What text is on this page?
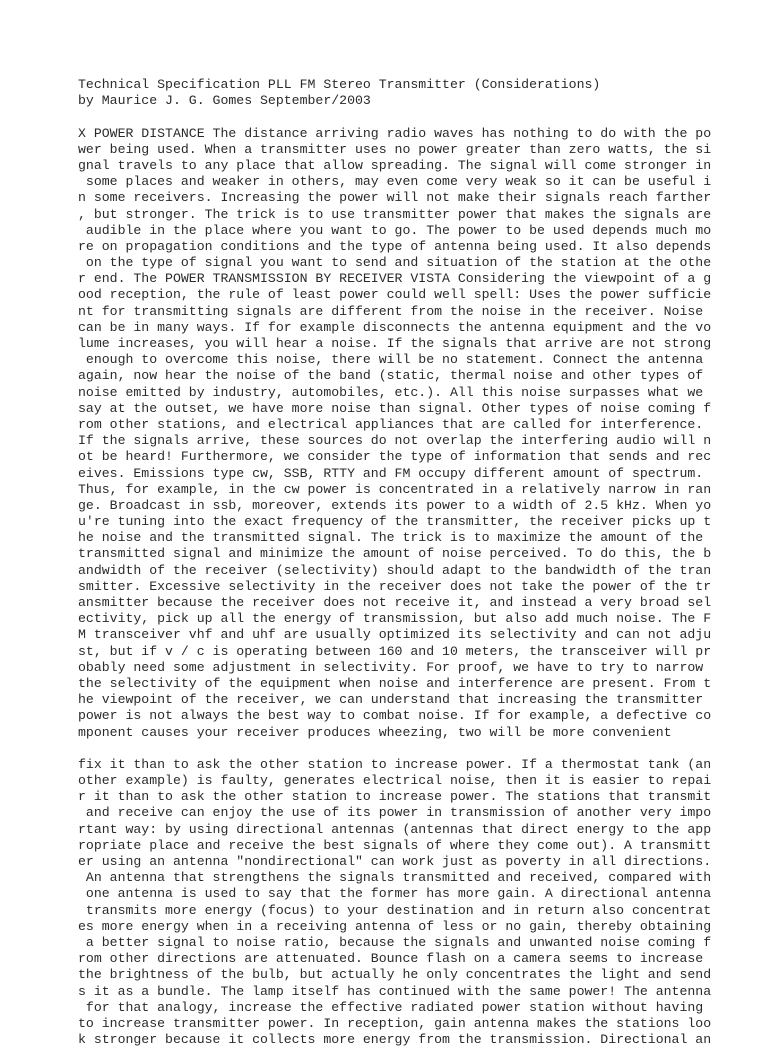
Technical Specification PLL FM Stereo Transmitter (Considerations)
by Maurice J. G. Gomes September/2003
X POWER DISTANCE The distance arriving radio waves has nothing to do with the po
wer being used. When a transmitter uses no power greater than zero watts, the si
gnal travels to any place that allow spreading. The signal will come stronger in
some places and weaker in others, may even come very weak so it can be useful i
n some receivers. Increasing the power will not make their signals reach farther
, but stronger. The trick is to use transmitter power that makes the signals are
audible in the place where you want to go. The power to be used depends much mo
re on propagation conditions and the type of antenna being used. It also depends
on the type of signal you want to send and situation of the station at the othe
r end. The POWER TRANSMISSION BY RECEIVER VISTA Considering the viewpoint of a g
ood reception, the rule of least power could well spell: Uses the power sufficie
nt for transmitting signals are different from the noise in the receiver. Noise
can be in many ways. If for example disconnects the antenna equipment and the vo
lume increases, you will hear a noise. If the signals that arrive are not strong
enough to overcome this noise, there will be no statement. Connect the antenna
again, now hear the noise of the band (static, thermal noise and other types of
noise emitted by industry, automobiles, etc.). All this noise surpasses what we
say at the outset, we have more noise than signal. Other types of noise coming f
rom other stations, and electrical appliances that are called for interference.
If the signals arrive, these sources do not overlap the interfering audio will n
ot be heard! Furthermore, we consider the type of information that sends and rec
eives. Emissions type cw, SSB, RTTY and FM occupy different amount of spectrum.
Thus, for example, in the cw power is concentrated in a relatively narrow in ran
ge. Broadcast in ssb, moreover, extends its power to a width of 2.5 kHz. When yo
u're tuning into the exact frequency of the transmitter, the receiver picks up t
he noise and the transmitted signal. The trick is to maximize the amount of the
transmitted signal and minimize the amount of noise perceived. To do this, the b
andwidth of the receiver (selectivity) should adapt to the bandwidth of the tran
smitter. Excessive selectivity in the receiver does not take the power of the tr
ansmitter because the receiver does not receive it, and instead a very broad sel
ectivity, pick up all the energy of transmission, but also add much noise. The F
M transceiver vhf and uhf are usually optimized its selectivity and can not adju
st, but if v / c is operating between 160 and 10 meters, the transceiver will pr
obably need some adjustment in selectivity. For proof, we have to try to narrow
the selectivity of the equipment when noise and interference are present. From t
he viewpoint of the receiver, we can understand that increasing the transmitter
power is not always the best way to combat noise. If for example, a defective co
mponent causes your receiver produces wheezing, two will be more convenient
fix it than to ask the other station to increase power. If a thermostat tank (an
other example) is faulty, generates electrical noise, then it is easier to repai
r it than to ask the other station to increase power. The stations that transmit
and receive can enjoy the use of its power in transmission of another very impo
rtant way: by using directional antennas (antennas that direct energy to the app
ropriate place and receive the best signals of where they come out). A transmitt
er using an antenna "nondirectional" can work just as poverty in all directions.
An antenna that strengthens the signals transmitted and received, compared with
one antenna is used to say that the former has more gain. A directional antenna
transmits more energy (focus) to your destination and in return also concentrat
es more energy when in a receiving antenna of less or no gain, thereby obtaining
a better signal to noise ratio, because the signals and unwanted noise coming f
rom other directions are attenuated. Bounce flash on a camera seems to increase
the brightness of the bulb, but actually he only concentrates the light and send
s it as a bundle. The lamp itself has continued with the same power! The antenna
for that analogy, increase the effective radiated power station without having
to increase transmitter power. In reception, gain antenna makes the stations loo
k stronger because it collects more energy from the transmission. Directional an
